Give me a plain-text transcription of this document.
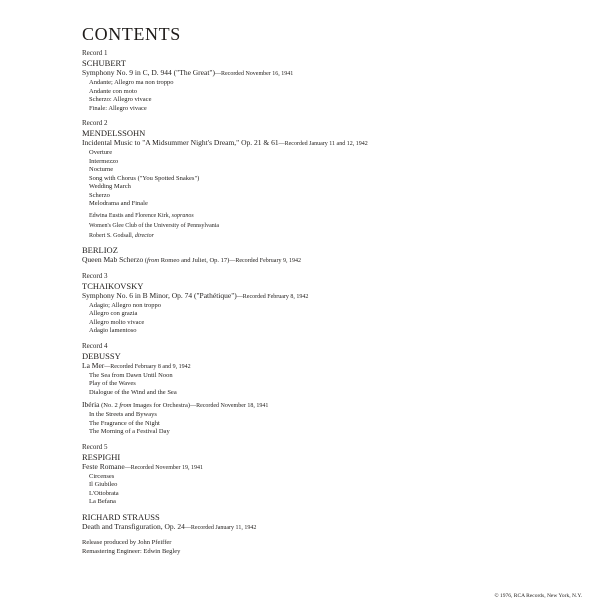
CONTENTS
Record 1
SCHUBERT
Symphony No. 9 in C, D. 944 ("The Great")—Recorded November 16, 1941
Andante; Allegro ma non troppo
Andante con moto
Scherzo: Allegro vivace
Finale: Allegro vivace
Record 2
MENDELSSOHN
Incidental Music to "A Midsummer Night's Dream," Op. 21 & 61—Recorded January 11 and 12, 1942
Overture
Intermezzo
Nocturne
Song with Chorus ("You Spotted Snakes")
Wedding March
Scherzo
Melodrama and Finale
Edwina Eustis and Florence Kirk, sopranos
Women's Glee Club of the University of Pennsylvania
Robert S. Godsall, director
BERLIOZ
Queen Mab Scherzo (from Romeo and Juliet, Op. 17)—Recorded February 9, 1942
Record 3
TCHAIKOVSKY
Symphony No. 6 in B Minor, Op. 74 ("Pathétique")—Recorded February 8, 1942
Adagio; Allegro non troppo
Allegro con grazia
Allegro molto vivace
Adagio lamentoso
Record 4
DEBUSSY
La Mer—Recorded February 8 and 9, 1942
The Sea from Dawn Until Noon
Play of the Waves
Dialogue of the Wind and the Sea
Ibéria (No. 2 from Images for Orchestra)—Recorded November 18, 1941
In the Streets and Byways
The Fragrance of the Night
The Morning of a Festival Day
Record 5
RESPIGHI
Feste Romane—Recorded November 19, 1941
Circenses
Il Giubileo
L'Ottobrata
La Befana
RICHARD STRAUSS
Death and Transfiguration, Op. 24—Recorded January 11, 1942
Release produced by John Pfeiffer
Remastering Engineer: Edwin Begley
© 1976, RCA Records, New York, N.Y.
